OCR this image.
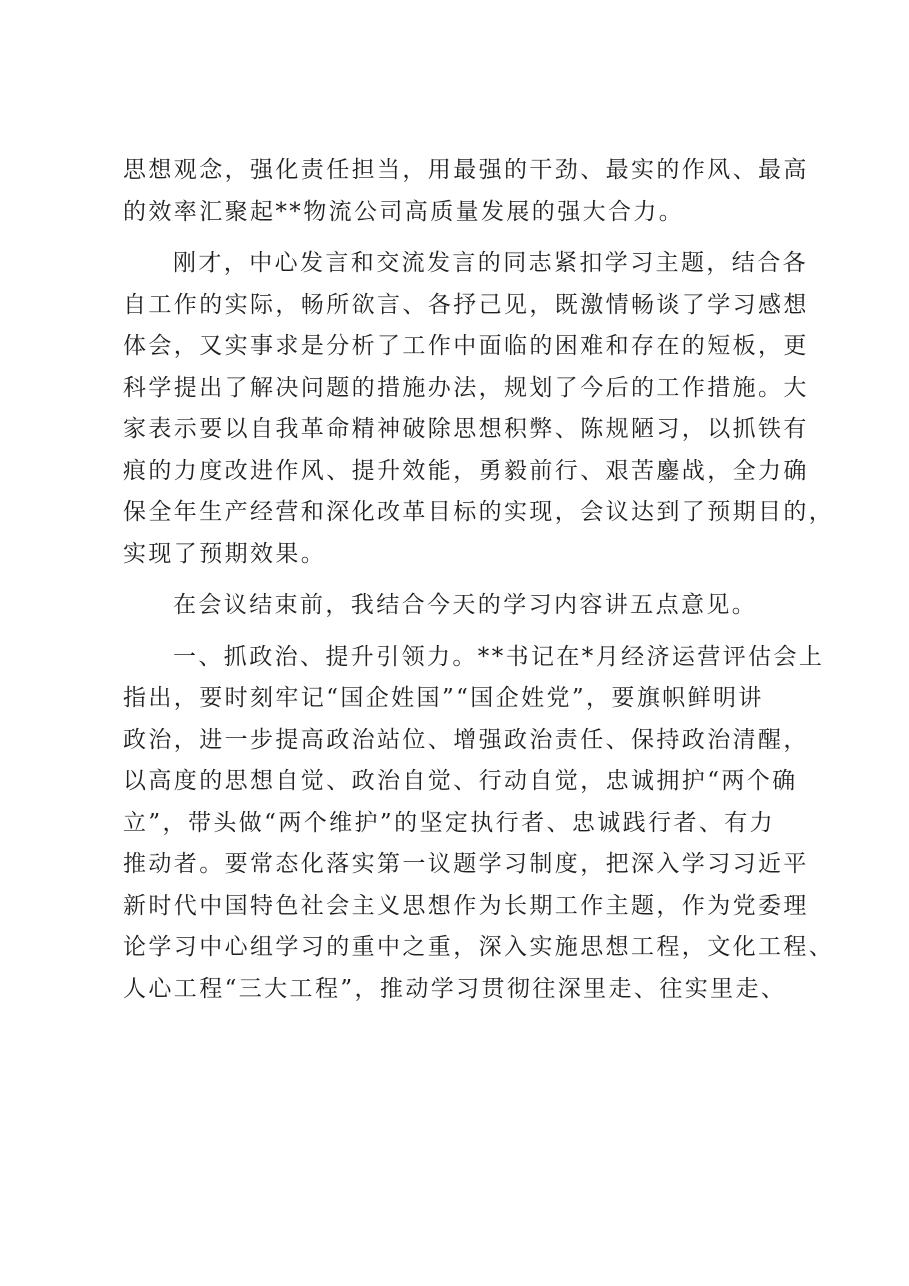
思想观念，强化责任担当，用最强的干劲、最实的作风、最高
的效率汇聚起**物流公司高质量发展的强大合力。
刚才，中心发言和交流发言的同志紧扣学习主题，结合各
自工作的实际，畅所欲言、各抒己见，既激情畅谈了学习感想
体会，又实事求是分析了工作中面临的困难和存在的短板，更
科学提出了解决问题的措施办法，规划了今后的工作措施。大
家表示要以自我革命精神破除思想积弊、陈规陋习，以抓铁有
痕的力度改进作风、提升效能，勇毅前行、艰苦鏖战，全力确
保全年生产经营和深化改革目标的实现，会议达到了预期目的，
实现了预期效果。
在会议结束前，我结合今天的学习内容讲五点意见。
一、抓政治、提升引领力。**书记在*月经济运营评估会上
指出，要时刻牢记“国企姓国”“国企姓党”，要旗帜鲜明讲
政治，进一步提高政治站位、增强政治责任、保持政治清醒，
以高度的思想自觉、政治自觉、行动自觉，忠诚拥护“两个确
立”，带头做“两个维护”的坚定执行者、忠诚践行者、有力
推动者。要常态化落实第一议题学习制度，把深入学习习近平
新时代中国特色社会主义思想作为长期工作主题，作为党委理
论学习中心组学习的重中之重，深入实施思想工程，文化工程、
人心工程“三大工程”，推动学习贯彻往深里走、往实里走、
